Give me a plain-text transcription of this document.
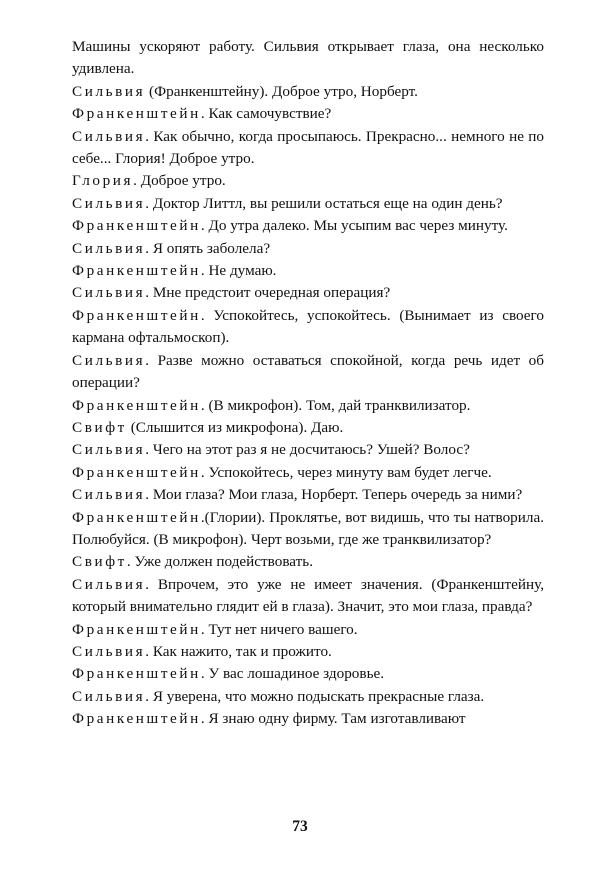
Машины ускоряют работу. Сильвия открывает глаза, она несколько удивлена.

Сильвия (Франкенштейну). Доброе утро, Норберт.

Франкенштейн. Как самочувствие?

Сильвия. Как обычно, когда просыпаюсь. Прекрасно... немного не по себе... Глория! Доброе утро.

Глория. Доброе утро.

Сильвия. Доктор Литтл, вы решили остаться еще на один день?

Франкенштейн. До утра далеко. Мы усыпим вас через минуту.

Сильвия. Я опять заболела?

Франкенштейн. Не думаю.

Сильвия. Мне предстоит очередная операция?

Франкенштейн. Успокойтесь, успокойтесь. (Вынимает из своего кармана офтальмоскоп).

Сильвия. Разве можно оставаться спокойной, когда речь идет об операции?

Франкенштейн. (В микрофон). Том, дай транквилизатор.

Свифт (Слышится из микрофона). Даю.

Сильвия. Чего на этот раз я не досчитаюсь? Ушей? Волос?

Франкенштейн. Успокойтесь, через минуту вам будет легче.

Сильвия. Мои глаза? Мои глаза, Норберт. Теперь очередь за ними?

Франкенштейн.(Глории). Проклятье, вот видишь, что ты натворила. Полюбуйся. (В микрофон). Черт возьми, где же транквилизатор?

Свифт. Уже должен подействовать.

Сильвия. Впрочем, это уже не имеет значения. (Франкенштейну, который внимательно глядит ей в глаза). Значит, это мои глаза, правда?

Франкенштейн. Тут нет ничего вашего.

Сильвия. Как нажито, так и прожито.

Франкенштейн. У вас лошадиное здоровье.

Сильвия. Я уверена, что можно подыскать прекрасные глаза.

Франкенштейн. Я знаю одну фирму. Там изготавливают

73
